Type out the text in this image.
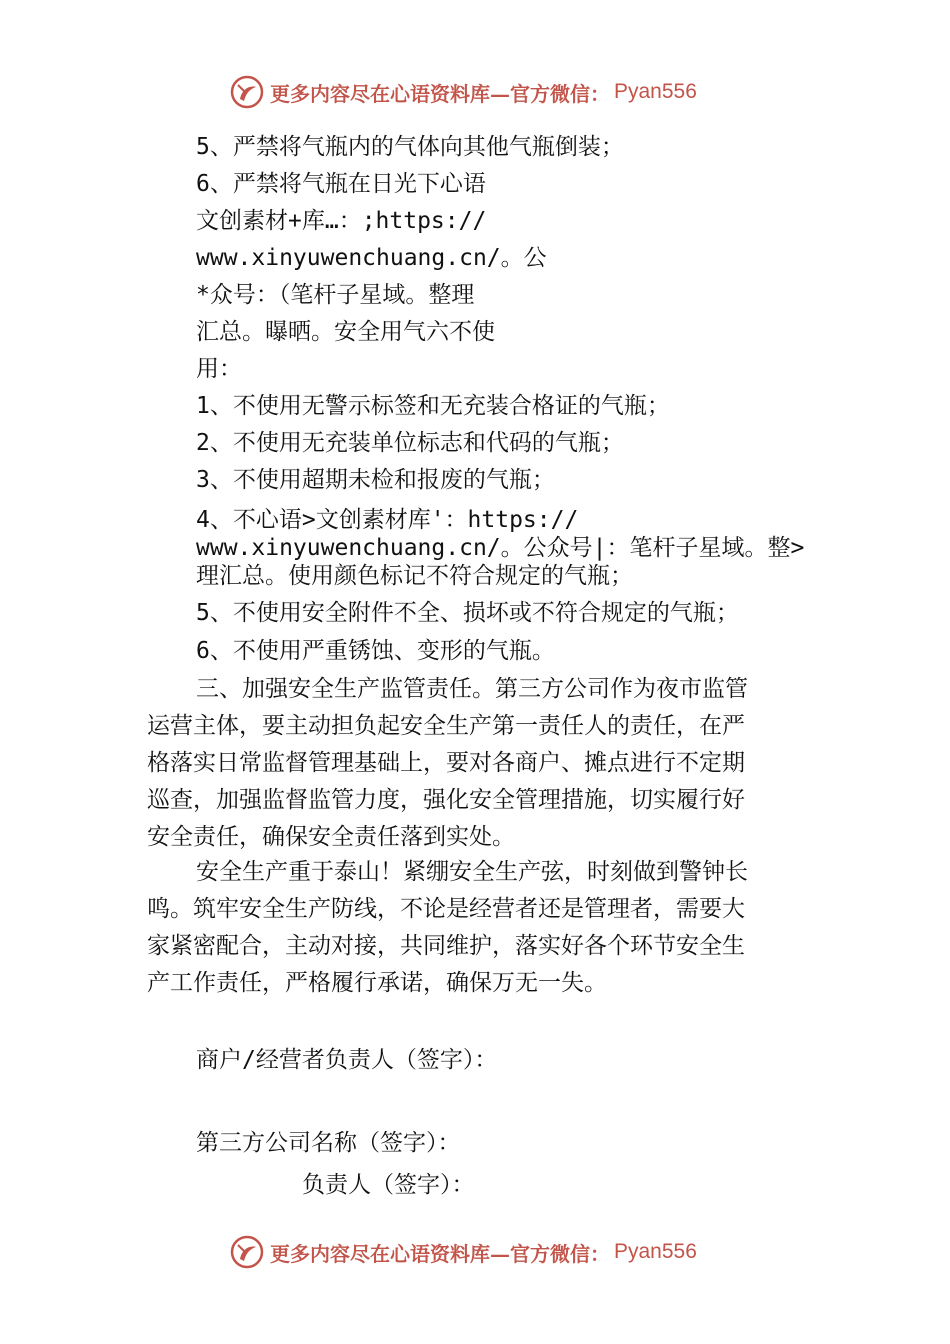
更多内容尽在心语资料库—官方微信： Pyan556
5、严禁将气瓶内的气体向其他气瓶倒装；
6、严禁将气瓶在日光下心语
文创素材+库…：;https://
www.xinyuwenchuang.cn/。公
*众号：（笔杆子星域。整理
汇总。曝晒。安全用气六不使
用：
1、不使用无警示标签和无充装合格证的气瓶；
2、不使用无充装单位标志和代码的气瓶；
3、不使用超期未检和报废的气瓶；
4、不心语>文创素材库'：https://
www.xinyuwenchuang.cn/。公众号|：笔杆子星域。整>
理汇总。使用颜色标记不符合规定的气瓶；
5、不使用安全附件不全、损坏或不符合规定的气瓶；
6、不使用严重锈蚀、变形的气瓶。
三、加强安全生产监管责任。第三方公司作为夜市监管
运营主体，要主动担负起安全生产第一责任人的责任，在严
格落实日常监督管理基础上，要对各商户、摊点进行不定期
巡查，加强监督监管力度，强化安全管理措施，切实履行好
安全责任，确保安全责任落到实处。
安全生产重于泰山！紧绷安全生产弦，时刻做到警钟长
鸣。筑牢安全生产防线，不论是经营者还是管理者，需要大
家紧密配合，主动对接，共同维护，落实好各个环节安全生
产工作责任，严格履行承诺，确保万无一失。
商户/经营者负责人（签字）：
第三方公司名称（签字）：
负责人（签字）：
更多内容尽在心语资料库—官方微信： Pyan556
